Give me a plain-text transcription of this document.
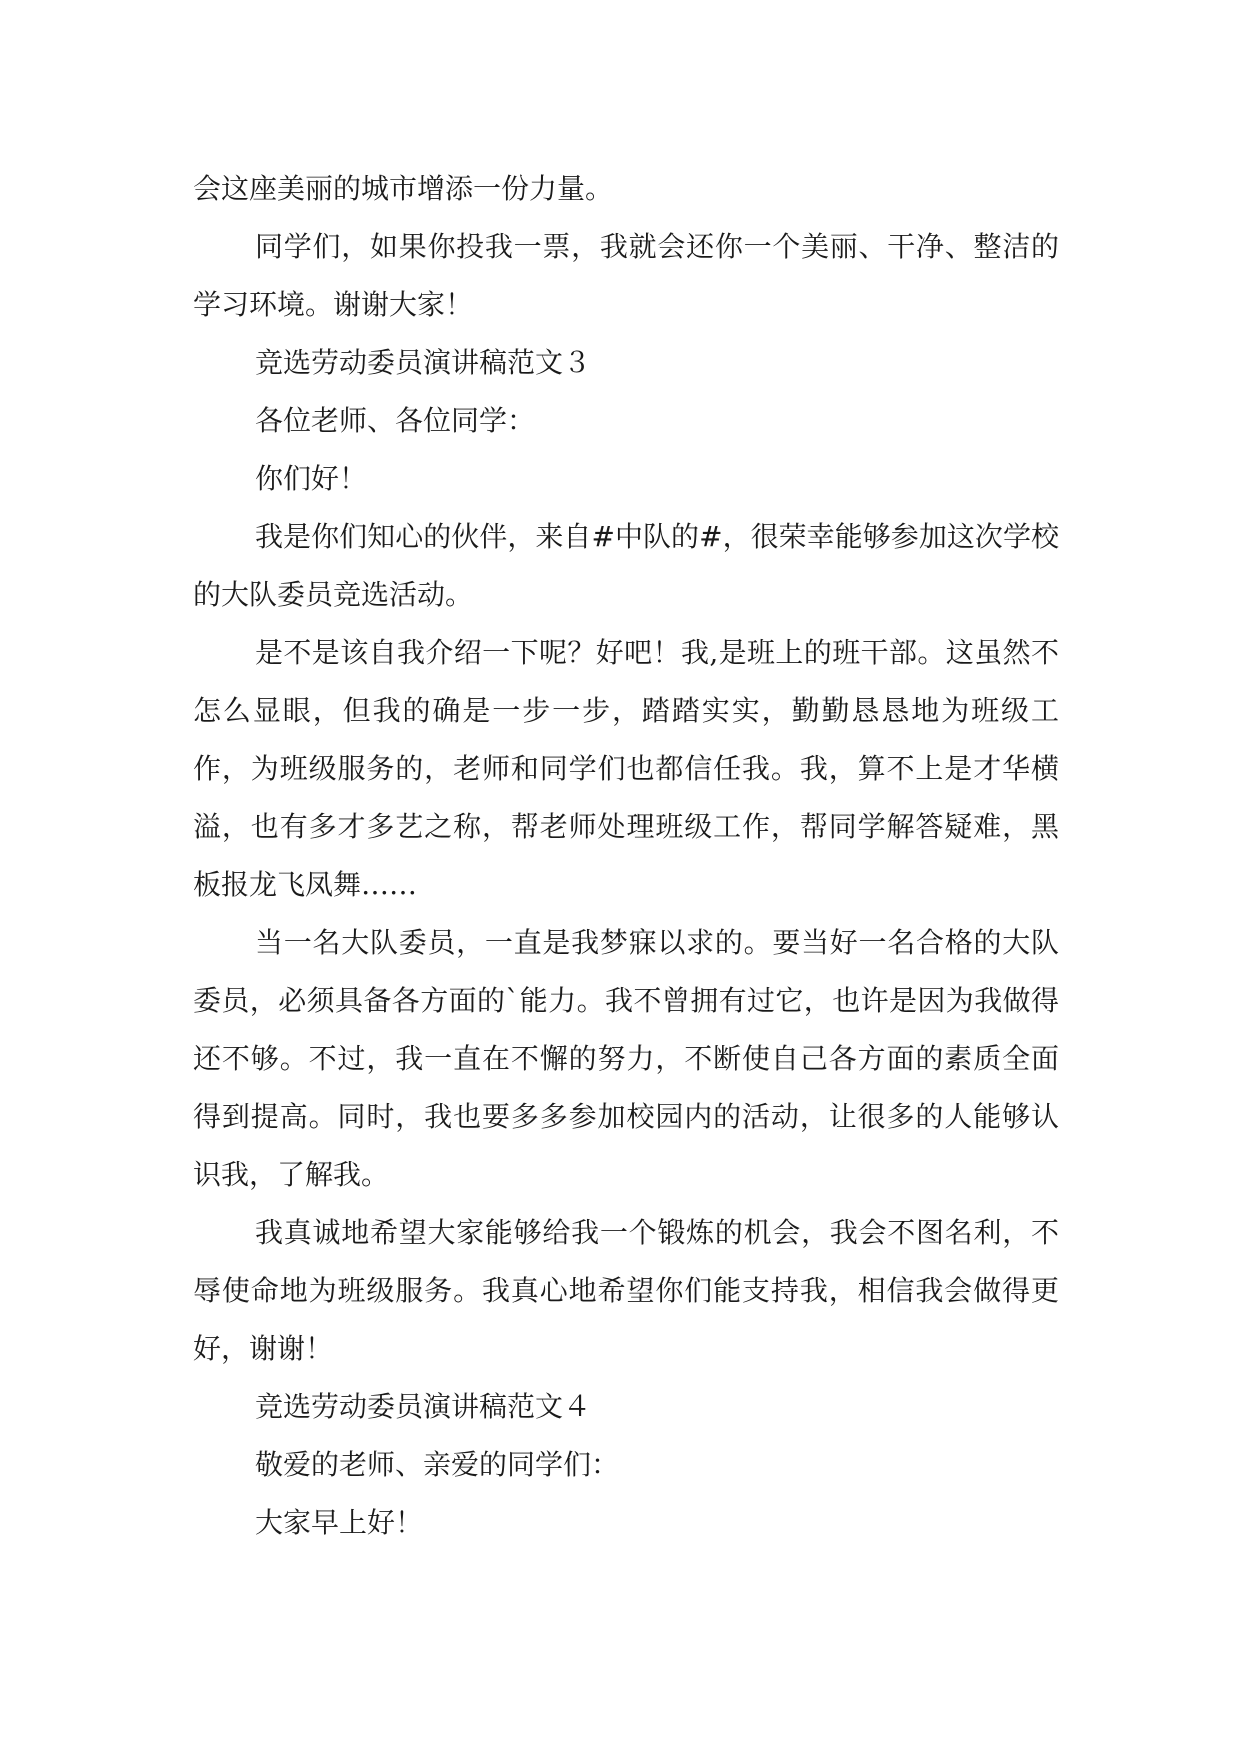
会这座美丽的城市增添一份力量。

同学们，如果你投我一票，我就会还你一个美丽、干净、整洁的学习环境。谢谢大家！

竞选劳动委员演讲稿范文３

各位老师、各位同学：

你们好！

我是你们知心的伙伴，来自#中队的#，很荣幸能够参加这次学校的大队委员竞选活动。

是不是该自我介绍一下呢？好吧！我,是班上的班干部。这虽然不怎么显眼，但我的确是一步一步，踏踏实实，勤勤恳恳地为班级工作，为班级服务的，老师和同学们也都信任我。我，算不上是才华横溢，也有多才多艺之称，帮老师处理班级工作，帮同学解答疑难，黑板报龙飞凤舞……

当一名大队委员，一直是我梦寐以求的。要当好一名合格的大队委员，必须具备各方面的`能力。我不曾拥有过它，也许是因为我做得还不够。不过，我一直在不懈的努力，不断使自己各方面的素质全面得到提高。同时，我也要多多参加校园内的活动，让很多的人能够认识我，了解我。

我真诚地希望大家能够给我一个锻炼的机会，我会不图名利，不辱使命地为班级服务。我真心地希望你们能支持我，相信我会做得更好，谢谢！

竞选劳动委员演讲稿范文４

敬爱的老师、亲爱的同学们：

大家早上好！
